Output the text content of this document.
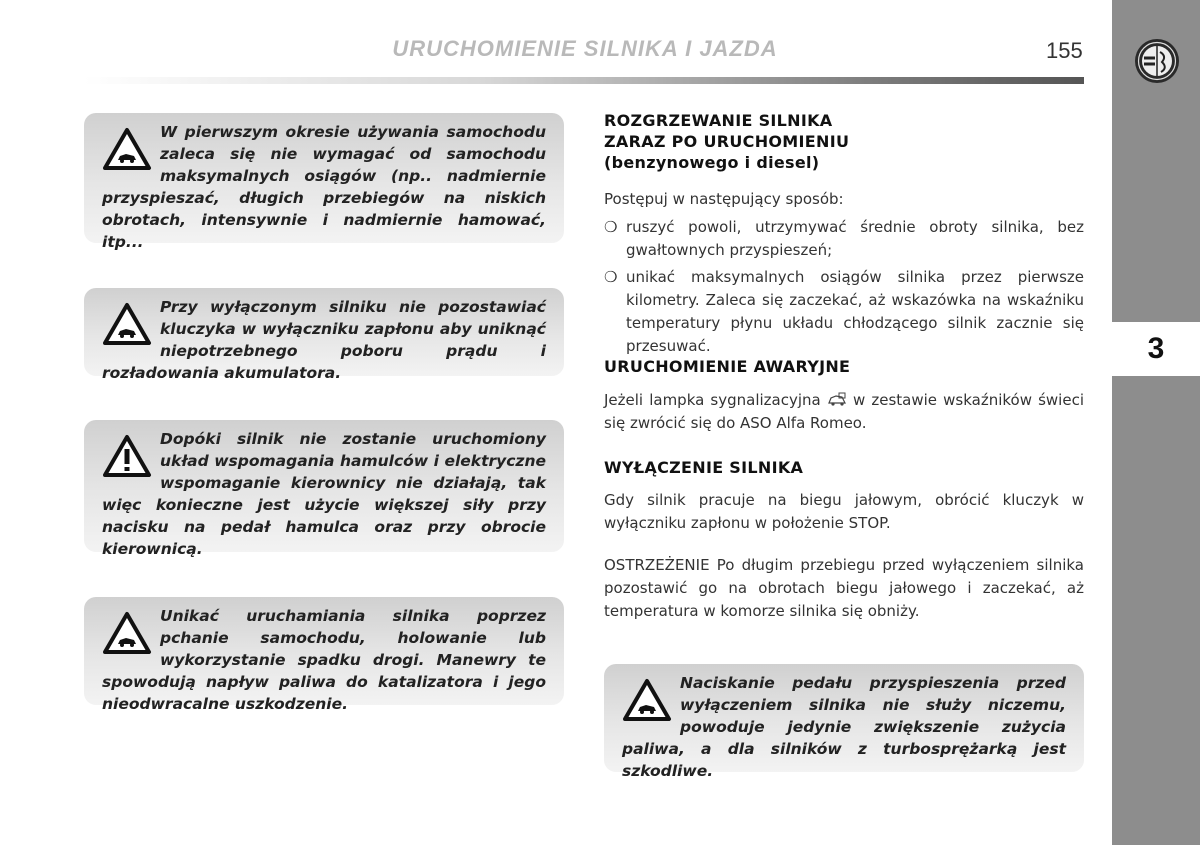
URUCHOMIENIE SILNIKA I JAZDA	155
3

W pierwszym okresie używania samochodu zaleca się nie wymagać od samochodu maksymalnych osiągów (np.. nadmiernie przyspieszać, długich przebiegów na niskich obrotach, intensywnie i nadmiernie hamować, itp...

Przy wyłączonym silniku nie pozostawiać kluczyka w wyłączniku zapłonu aby uniknąć niepotrzebnego poboru prądu i rozładowania akumulatora.

Dopóki silnik nie zostanie uruchomiony układ wspomagania hamulców i elektryczne wspomaganie kierownicy nie działają, tak więc konieczne jest użycie większej siły przy nacisku na pedał hamulca oraz przy obrocie kierownicą.

Unikać uruchamiania silnika poprzez pchanie samochodu, holowanie lub wykorzystanie spadku drogi. Manewry te spowodują napływ paliwa do katalizatora i jego nieodwracalne uszkodzenie.

ROZGRZEWANIE SILNIKA
ZARAZ PO URUCHOMIENIU
(benzynowego i diesel)

Postępuj w następujący sposób:

❍ ruszyć powoli, utrzymywać średnie obroty silnika, bez gwałtownych przyspieszeń;
❍ unikać maksymalnych osiągów silnika przez pierwsze kilometry. Zaleca się zaczekać, aż wskazówka na wskaźniku temperatury płynu układu chłodzącego silnik zacznie się przesuwać.
URUCHOMIENIE AWARYJNE

Jeżeli lampka sygnalizacyjna w zestawie wskaźników świeci się zwrócić się do ASO Alfa Romeo.

WYŁĄCZENIE SILNIKA

Gdy silnik pracuje na biegu jałowym, obrócić kluczyk w wyłączniku zapłonu w położenie STOP.

OSTRZEŻENIE Po długim przebiegu przed wyłączeniem silnika pozostawić go na obrotach biegu jałowego i zaczekać, aż temperatura w komorze silnika się obniży.

Naciskanie pedału przyspieszenia przed wyłączeniem silnika nie służy niczemu, powoduje jedynie zwiększenie zużycia paliwa, a dla silników z turbosprężarką jest szkodliwe.
